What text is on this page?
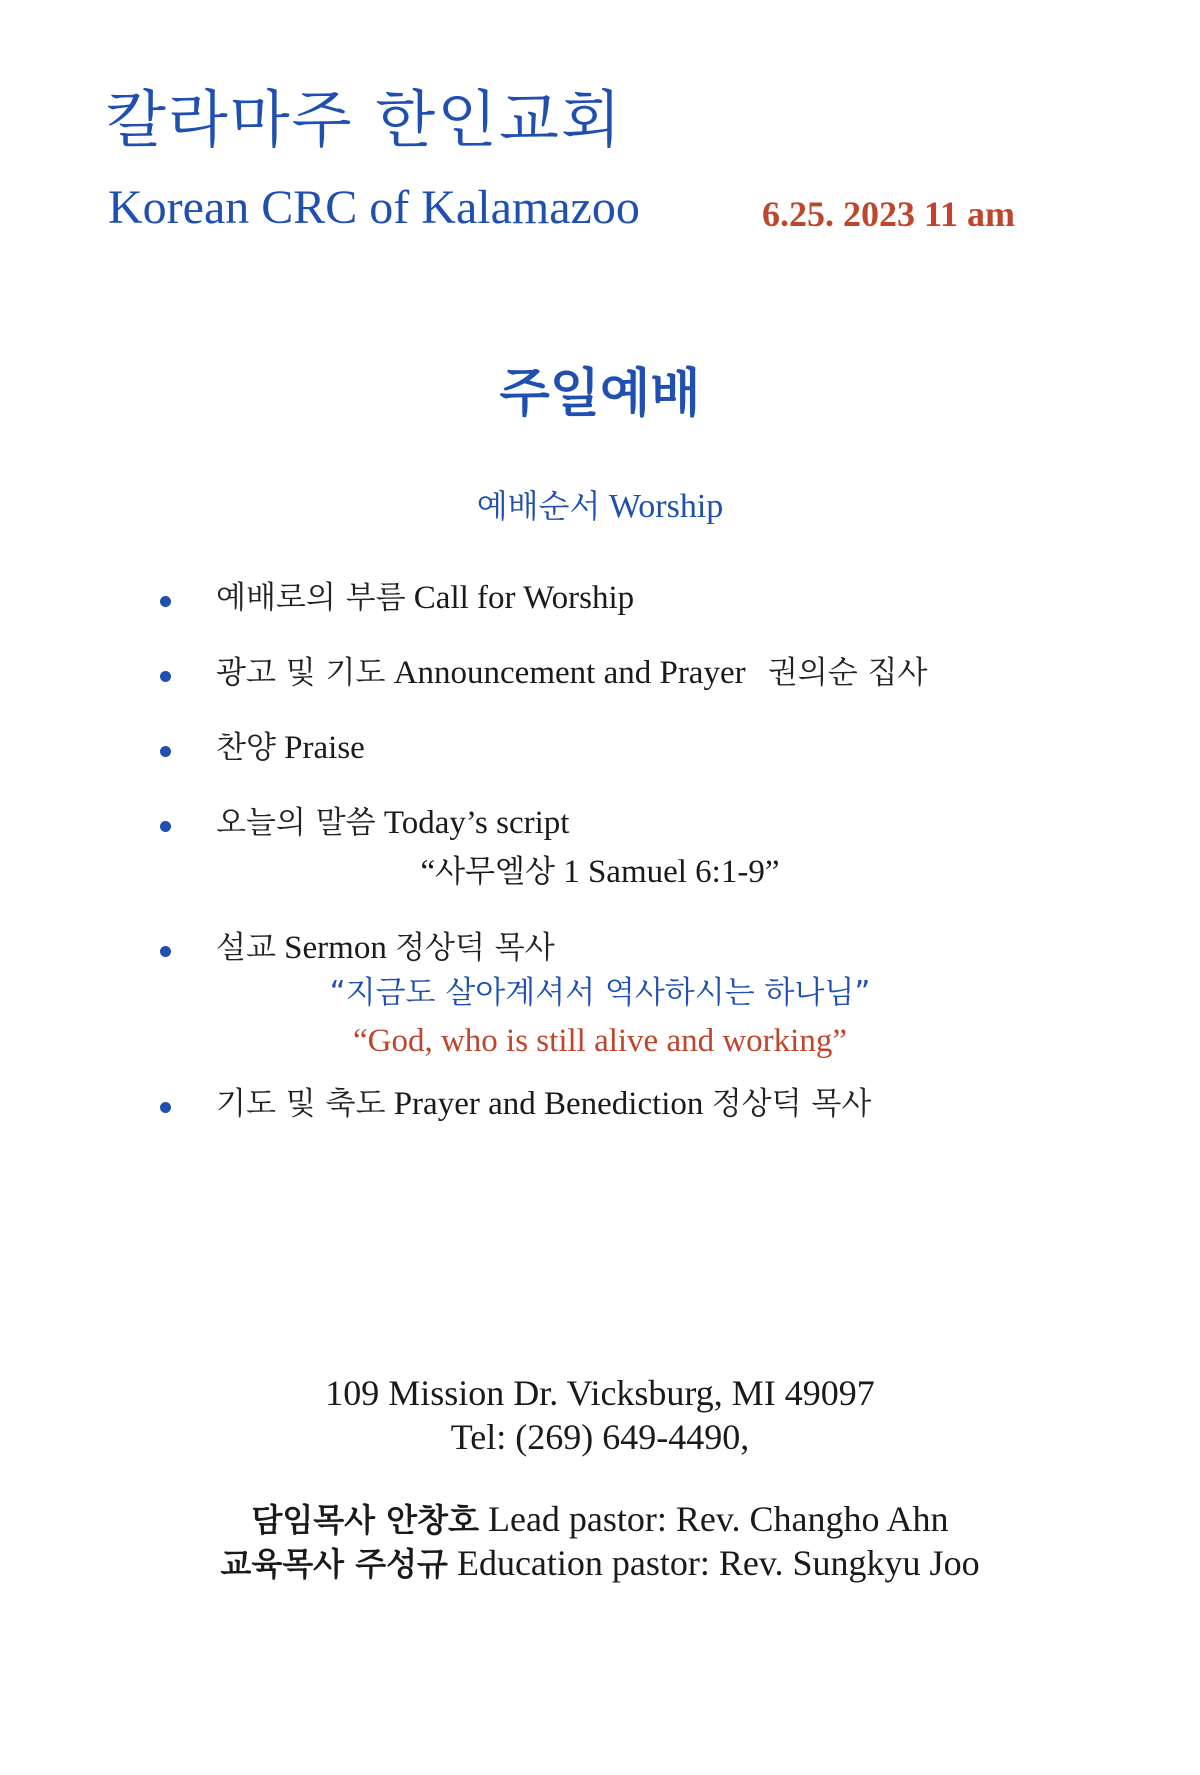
칼라마주 한인교회
Korean CRC of Kalamazoo	6.25. 2023 11 am
주일예배
예배순서 Worship
예배로의 부름 Call for Worship
광고 및 기도 Announcement and Prayer 권의순 집사
찬양 Praise
오늘의 말씀 Today’s script
“사무엘상 1 Samuel 6:1-9”
설교 Sermon 정상덕 목사
“지금도 살아계셔서 역사하시는 하나님”
“God, who is still alive and working”
기도 및 축도 Prayer and Benediction 정상덕 목사
109 Mission Dr. Vicksburg, MI 49097
Tel: (269) 649-4490,
담임목사 안창호 Lead pastor: Rev. Changho Ahn
교육목사 주성규 Education pastor: Rev. Sungkyu Joo
